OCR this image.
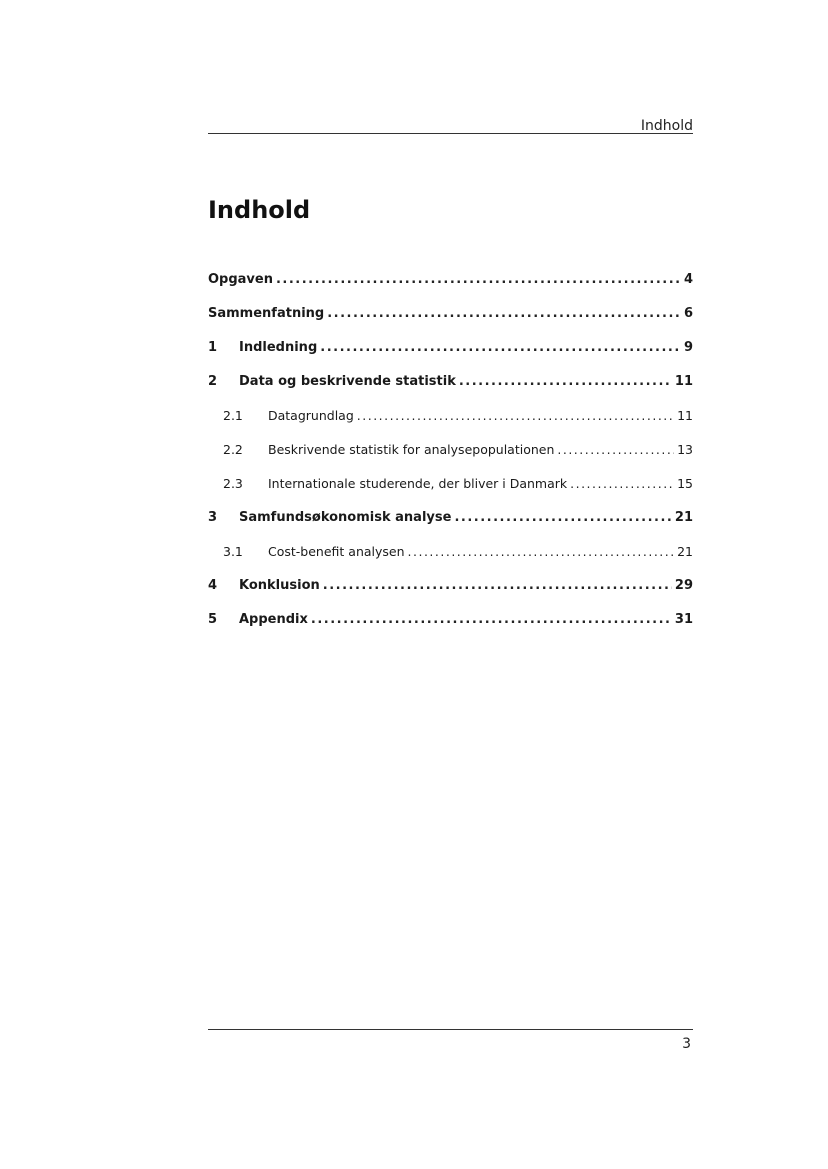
Indhold
Indhold
Opgaven .....	4
Sammenfatning .....	6
1	Indledning .....	9
2	Data og beskrivende statistik .....	11
2.1	Datagrundlag .....	11
2.2	Beskrivende statistik for analysepopulationen .....	13
2.3	Internationale studerende, der bliver i Danmark .....	15
3	Samfundsøkonomisk analyse .....	21
3.1	Cost-benefit analysen .....	21
4	Konklusion .....	29
5	Appendix .....	31
3
